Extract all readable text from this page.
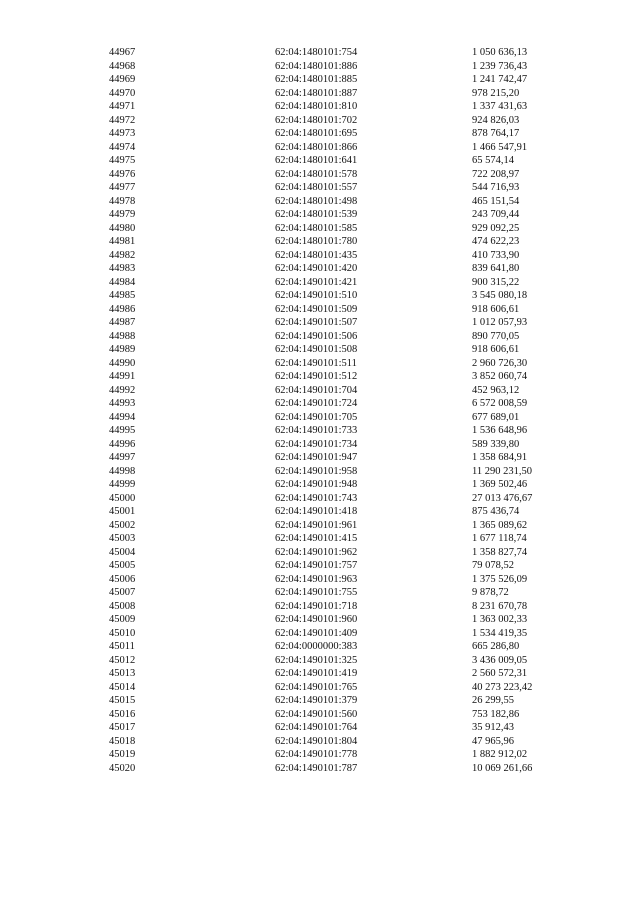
44967	62:04:1480101:754	1 050 636,13
44968	62:04:1480101:886	1 239 736,43
44969	62:04:1480101:885	1 241 742,47
44970	62:04:1480101:887	978 215,20
44971	62:04:1480101:810	1 337 431,63
44972	62:04:1480101:702	924 826,03
44973	62:04:1480101:695	878 764,17
44974	62:04:1480101:866	1 466 547,91
44975	62:04:1480101:641	65 574,14
44976	62:04:1480101:578	722 208,97
44977	62:04:1480101:557	544 716,93
44978	62:04:1480101:498	465 151,54
44979	62:04:1480101:539	243 709,44
44980	62:04:1480101:585	929 092,25
44981	62:04:1480101:780	474 622,23
44982	62:04:1480101:435	410 733,90
44983	62:04:1490101:420	839 641,80
44984	62:04:1490101:421	900 315,22
44985	62:04:1490101:510	3 545 080,18
44986	62:04:1490101:509	918 606,61
44987	62:04:1490101:507	1 012 057,93
44988	62:04:1490101:506	890 770,05
44989	62:04:1490101:508	918 606,61
44990	62:04:1490101:511	2 960 726,30
44991	62:04:1490101:512	3 852 060,74
44992	62:04:1490101:704	452 963,12
44993	62:04:1490101:724	6 572 008,59
44994	62:04:1490101:705	677 689,01
44995	62:04:1490101:733	1 536 648,96
44996	62:04:1490101:734	589 339,80
44997	62:04:1490101:947	1 358 684,91
44998	62:04:1490101:958	11 290 231,50
44999	62:04:1490101:948	1 369 502,46
45000	62:04:1490101:743	27 013 476,67
45001	62:04:1490101:418	875 436,74
45002	62:04:1490101:961	1 365 089,62
45003	62:04:1490101:415	1 677 118,74
45004	62:04:1490101:962	1 358 827,74
45005	62:04:1490101:757	79 078,52
45006	62:04:1490101:963	1 375 526,09
45007	62:04:1490101:755	9 878,72
45008	62:04:1490101:718	8 231 670,78
45009	62:04:1490101:960	1 363 002,33
45010	62:04:1490101:409	1 534 419,35
45011	62:04:0000000:383	665 286,80
45012	62:04:1490101:325	3 436 009,05
45013	62:04:1490101:419	2 560 572,31
45014	62:04:1490101:765	40 273 223,42
45015	62:04:1490101:379	26 299,55
45016	62:04:1490101:560	753 182,86
45017	62:04:1490101:764	35 912,43
45018	62:04:1490101:804	47 965,96
45019	62:04:1490101:778	1 882 912,02
45020	62:04:1490101:787	10 069 261,66
